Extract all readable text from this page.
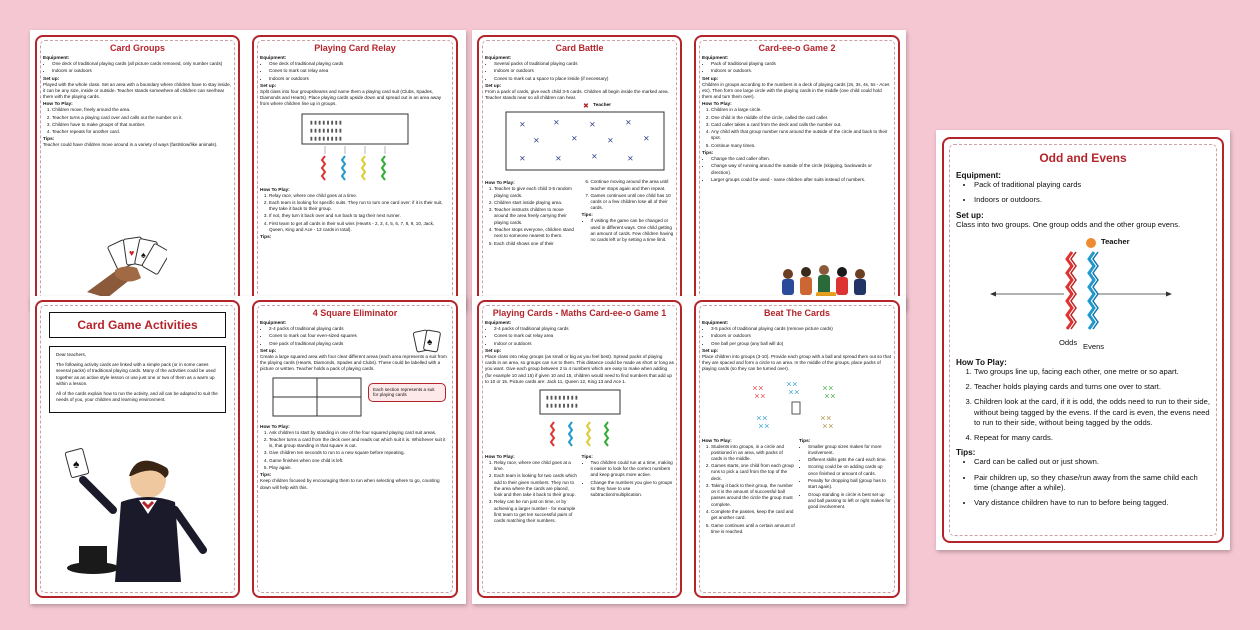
Card Groups
Equipment:
• One deck of traditional playing cards (all picture cards removed, only number cards)
• Indoors or outdoors
Set up:
Played with the whole class. Set an area with a boundary where children have to stay inside, it can be any size, inside or outside. Teacher stands somewhere all children can see/hear them with the playing cards.
How To Play:
1. Children move, freely around the area.
2. Teacher turns a playing card over and calls out the number on it.
3. Children have to make groups of that number.
4. Teacher repeats for another card.
Tips:
Teacher could have children move around in a variety of ways (fast/slow/like animals).
♥ ♠
Playing Card Relay
Equipment:
• One deck of traditional playing cards
• Cones to mark out relay area
• Indoors or outdoors
Set up:
Split class into four groups/teams and name them a playing card suit (Clubs, Spades, Diamonds and Hearts). Place playing cards upside down and spread out in an area away from where children line up in groups.
▮ ▮ ▮ ▮ ▮ ▮ ▮ ▮
▮ ▮ ▮ ▮ ▮ ▮ ▮ ▮
▮ ▮ ▮ ▮ ▮ ▮ ▮ ▮
How To Play:
1. Relay race, where one child goes at a time.
2. Each team is looking for specific suits. They run to turn one card over: if it is their suit, they take it back to their group.
3. If not, they turn it back over and run back to tag their next runner.
4. First team to get all cards in their suit wins (Hearts - 2, 3, 4, 5, 6, 7, 8, 9, 10, Jack, Queen, King and Ace - 13 cards in total).
Tips:
Card Battle
Equipment:
• Several packs of traditional playing cards
• Indoors or outdoors
• Cones to mark out a space to place inside (if necessary)
Set up:
From a pack of cards, give each child 3-5 cards. Children all begin inside the marked area. Teacher stands near so all children can hear.
Teacher
✖
⨯	⨯	⨯	⨯
⨯	⨯	⨯	⨯
⨯	⨯	⨯	⨯
How To Play:
1. Teacher to give each child 3-5 random playing cards.
2. Children start inside playing area.
3. Teacher instructs children to move around the area freely carrying their playing cards.
4. Teacher stops everyone, children stand next to someone nearest to them.
5. Each child shows one of their
6. Continue moving around the area until teacher stops again and then repeat.
7. Games continues until one child has 10 cards or a few children lose all of their cards.
Tips:
• If visiting the game can be changed or used in different ways. One child getting an amount of cards. Few children having no cards left or by setting a time limit.
Card-ee-o Game 2
Equipment:
• Pack of traditional playing cards
• Indoors or outdoors.
Set up:
Children in groups according to the numbers in a deck of playing cards (2s, 3s, 4s, 5s - Aces etc). Then form one large circle with the playing cards in the middle (one child could hold them and turn them over).
How To Play:
1. Children in a large circle.
2. One child in the middle of the circle, called the card caller.
3. Card caller takes a card from the deck and calls the number out.
4. Any child with that group number runs around the outside of the circle and back to their spot.
5. Continue many times.
Tips:
• Change the card caller often.
• Change way of running around the outside of the circle (skipping, backwards or direction).
• Larger groups could be used - name children after suits instead of numbers.
Card Game Activities

Dear teachers,

The following activity cards are linked with a simple pack (or in some cases several packs) of traditional playing cards. Many of the activities could be used together as an active style lesson or use just one or two of them as a warm up within a lesson.

All of the cards explain how to run the activity, and all can be adapted to suit the needs of you, your children and learning environment.

♠
4 Square Eliminator
Equipment:
• 2-4 packs of traditional playing cards
• Cones to mark out four even-sized squares
• One pack of traditional playing cards	♠
Set up:
Create a large squared area with four clear different areas (each area represents a suit from the playing cards (Hearts, Diamonds, Spades and Clubs). These could be labelled with a picture or written. Teacher holds a pack of playing cards.
Each section represents a suit for playing cards
How To Play:
1. Ask children to start by standing in one of the four squared playing card suit areas.
2. Teacher turns a card from the deck over and reads out which suit it is. Whichever suit it is, that group standing in that square is out.
3. Give children ten seconds to run to a new square before repeating.
4. Game finishes when one child is left.
5. Play again.
Tips:
Keep children focused by encouraging them to run when selecting where to go, counting down will help with this.
Playing Cards - Maths Card-ee-o Game 1
Equipment:
• 2-4 packs of traditional playing cards
• Cones to mark out relay area
• Indoor or outdoors
Set up:
Place class into relay groups (as small or big as you feel best). Spread packs of playing cards in an area, so groups can run to them. This distance could be made as short or long as you want. Give each group between 2 to 4 numbers which are easy to make when adding (for example 10 and 15) if given 10 and 15, children would need to find numbers that add up to 10 or 15. Picture cards are: Jack 11, Queen 12, King 13 and Ace 1.
▮ ▮ ▮ ▮ ▮ ▮ ▮ ▮
▮ ▮ ▮ ▮ ▮ ▮ ▮ ▮
How To Play:
1. Relay race, where one child goes at a time.
2. Each team is looking for two cards which add to their given numbers. They run to the area where the cards are placed, look and then take it back to their group.
3. Relay can be run just on time, or by achieving a larger number - for example first team to get ten successful pairs of cards matching their numbers.
Tips:
• Two children could run at a time, making it easier to look for the correct numbers and keep groups more active.
• Change the numbers you give to groups so they have to use subtraction/multiplication.
Beat The Cards
Equipment:
• 3-5 packs of traditional playing cards (remove picture cards)
• Indoors or outdoors
• One ball per group (any ball will do)
Set up:
Place children into groups (3-10). Provide each group with a ball and spread them out so that they are spaced and form a circle to an area. In the middle of the groups, place packs of playing cards (so they can be turned over).
⨯⨯
⨯⨯
⨯⨯
⨯⨯
⨯⨯
⨯⨯
⨯⨯
⨯⨯
⨯⨯
⨯⨯
How To Play:
1. Students into groups, in a circle and positioned in an area, with packs of cards in the middle.
2. Games starts, one child from each group runs to pick a card from the top of the deck.
3. Taking it back to their group, the number on it is the amount of successful ball passes around the circle the group must complete.
4. Complete the passes, keep the card and get another card.
5. Game continues until a certain amount of time is reached.
Tips:
• Smaller group sizes makes for more involvement.
• Different skills gets the card each time.
• Scoring could be on adding cards up once finished or amount of cards.
• Penalty for dropping ball (group has to start again).
• Group standing in circle is best set up and ball passing to left or right makes for good involvement.
Odd and Evens
Equipment:
• Pack of traditional playing cards
• Indoors or outdoors.
Set up:
Class into two groups. One group odds and the other group evens.
Teacher
Odds Evens
How To Play:
1. Two groups line up, facing each other, one metre or so apart.
2. Teacher holds playing cards and turns one over to start.
3. Children look at the card, if it is odd, the odds need to run to their side, without being tagged by the evens. If the card is even, the evens need to run to their side, without being tagged by the odds.
4. Repeat for many cards.
Tips:
• Card can be called out or just shown.
• Pair children up, so they chase/run away from the same child each time (change after a while).
• Vary distance children have to run to before being tagged.
